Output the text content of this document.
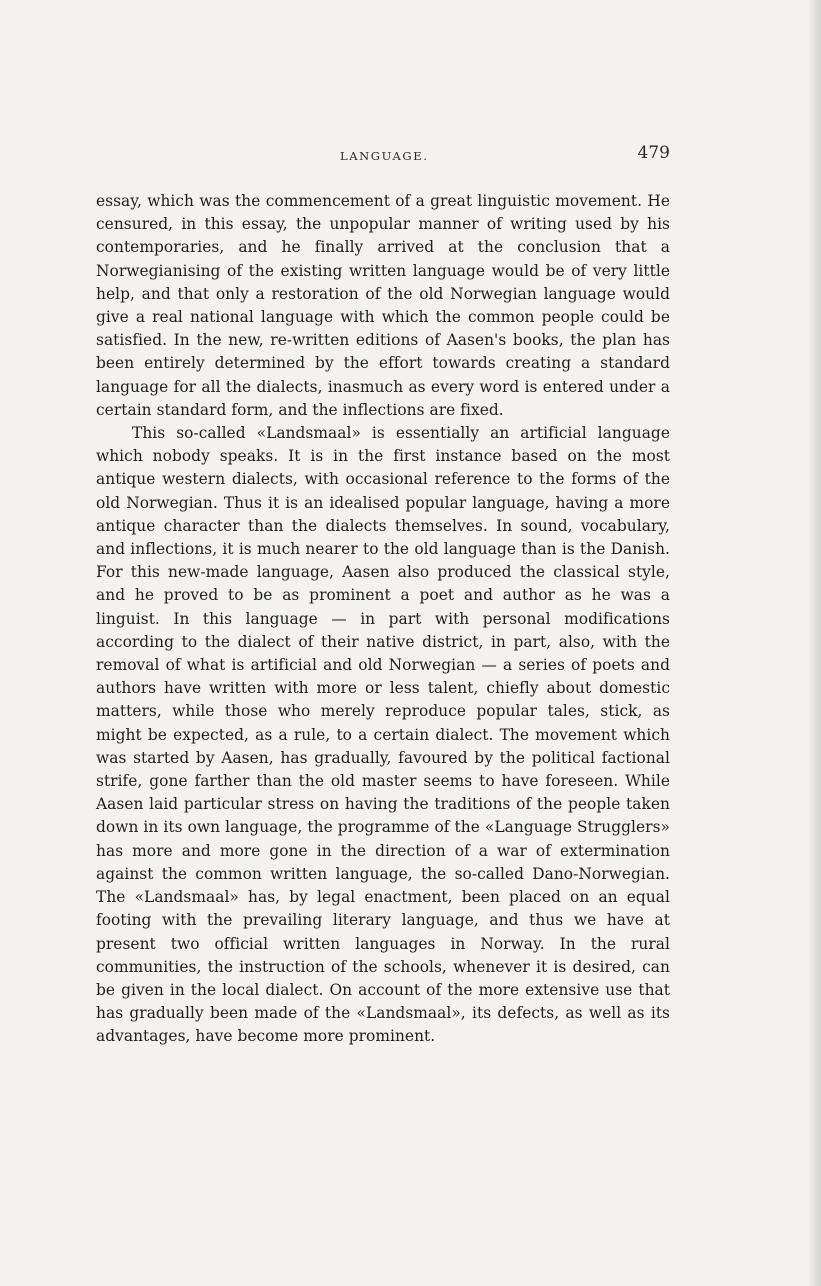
LANGUAGE.	479

essay, which was the commencement of a great linguistic movement. He censured, in this essay, the unpopular manner of writing used by his contemporaries, and he finally arrived at the conclusion that a Norwegianising of the existing written language would be of very little help, and that only a restoration of the old Norwegian language would give a real national language with which the common people could be satisfied. In the new, re-written editions of Aasen's books, the plan has been entirely determined by the effort towards creating a standard language for all the dialects, inasmuch as every word is entered under a certain standard form, and the inflections are fixed.

This so-called «Landsmaal» is essentially an artificial language which nobody speaks. It is in the first instance based on the most antique western dialects, with occasional reference to the forms of the old Norwegian. Thus it is an idealised popular language, having a more antique character than the dialects themselves. In sound, vocabulary, and inflections, it is much nearer to the old language than is the Danish. For this new-made language, Aasen also produced the classical style, and he proved to be as prominent a poet and author as he was a linguist. In this language — in part with personal modifications according to the dialect of their native district, in part, also, with the removal of what is artificial and old Norwegian — a series of poets and authors have written with more or less talent, chiefly about domestic matters, while those who merely reproduce popular tales, stick, as might be expected, as a rule, to a certain dialect. The movement which was started by Aasen, has gradually, favoured by the political factional strife, gone farther than the old master seems to have foreseen. While Aasen laid particular stress on having the traditions of the people taken down in its own language, the programme of the «Language Strugglers» has more and more gone in the direction of a war of extermination against the common written language, the so-called Dano-Norwegian. The «Landsmaal» has, by legal enactment, been placed on an equal footing with the prevailing literary language, and thus we have at present two official written languages in Norway. In the rural communities, the instruction of the schools, whenever it is desired, can be given in the local dialect. On account of the more extensive use that has gradually been made of the «Landsmaal», its defects, as well as its advantages, have become more prominent.
